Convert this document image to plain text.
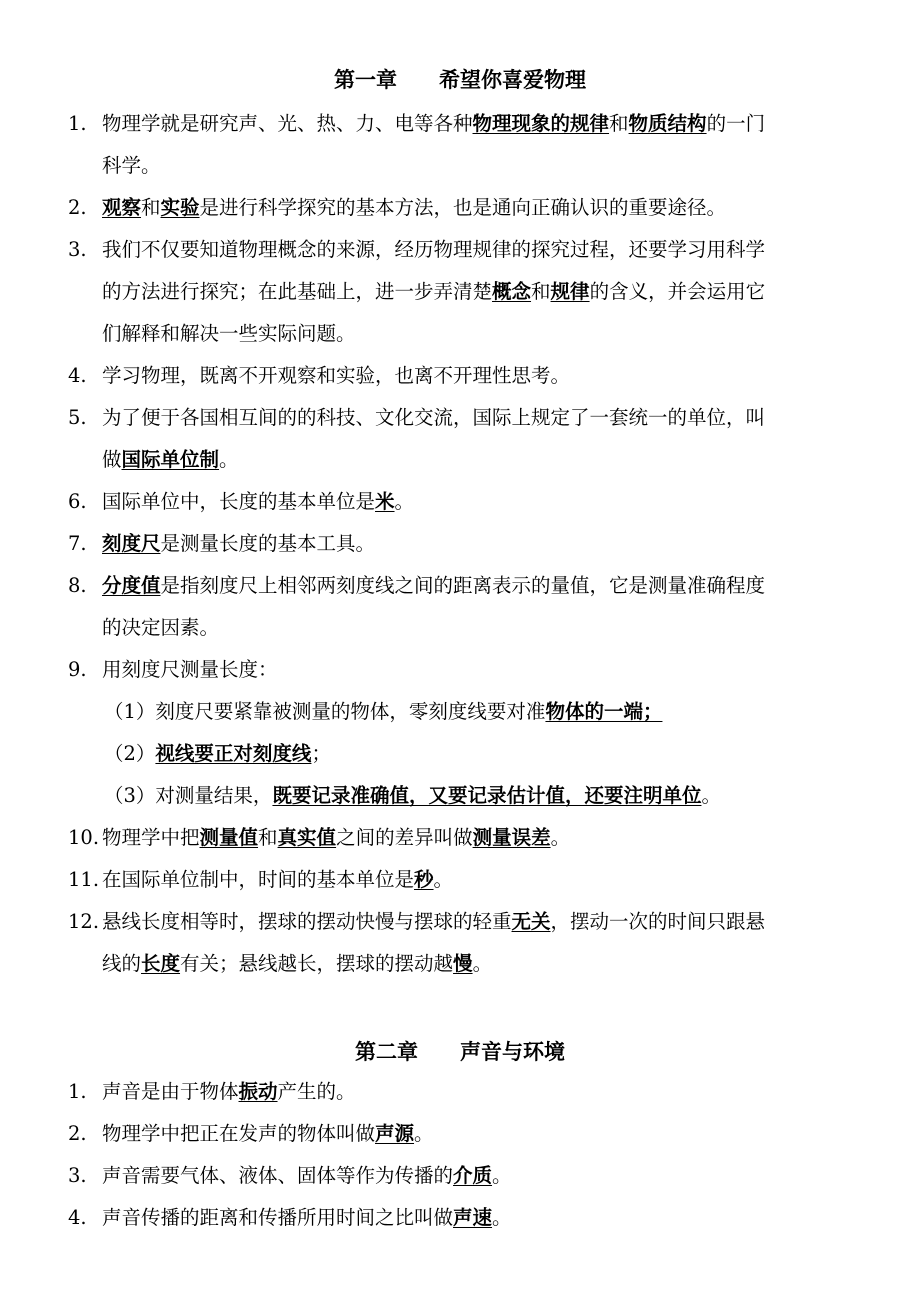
第一章　　希望你喜爱物理
1. 物理学就是研究声、光、热、力、电等各种物理现象的规律和物质结构的一门
科学。
2. 观察和实验是进行科学探究的基本方法，也是通向正确认识的重要途径。
3. 我们不仅要知道物理概念的来源，经历物理规律的探究过程，还要学习用科学
的方法进行探究；在此基础上，进一步弄清楚概念和规律的含义，并会运用它
们解释和解决一些实际问题。
4. 学习物理，既离不开观察和实验，也离不开理性思考。
5. 为了便于各国相互间的的科技、文化交流，国际上规定了一套统一的单位，叫
做国际单位制。
6. 国际单位中，长度的基本单位是米。
7. 刻度尺是测量长度的基本工具。
8. 分度值是指刻度尺上相邻两刻度线之间的距离表示的量值，它是测量准确程度
的决定因素。
9. 用刻度尺测量长度：
（1）刻度尺要紧靠被测量的物体，零刻度线要对准物体的一端；
（2）视线要正对刻度线；
（3）对测量结果，既要记录准确值，又要记录估计值，还要注明单位。
10. 物理学中把测量值和真实值之间的差异叫做测量误差。
11. 在国际单位制中，时间的基本单位是秒。
12. 悬线长度相等时，摆球的摆动快慢与摆球的轻重无关，摆动一次的时间只跟悬
线的长度有关；悬线越长，摆球的摆动越慢。
第二章　　声音与环境
1. 声音是由于物体振动产生的。
2. 物理学中把正在发声的物体叫做声源。
3. 声音需要气体、液体、固体等作为传播的介质。
4. 声音传播的距离和传播所用时间之比叫做声速。
